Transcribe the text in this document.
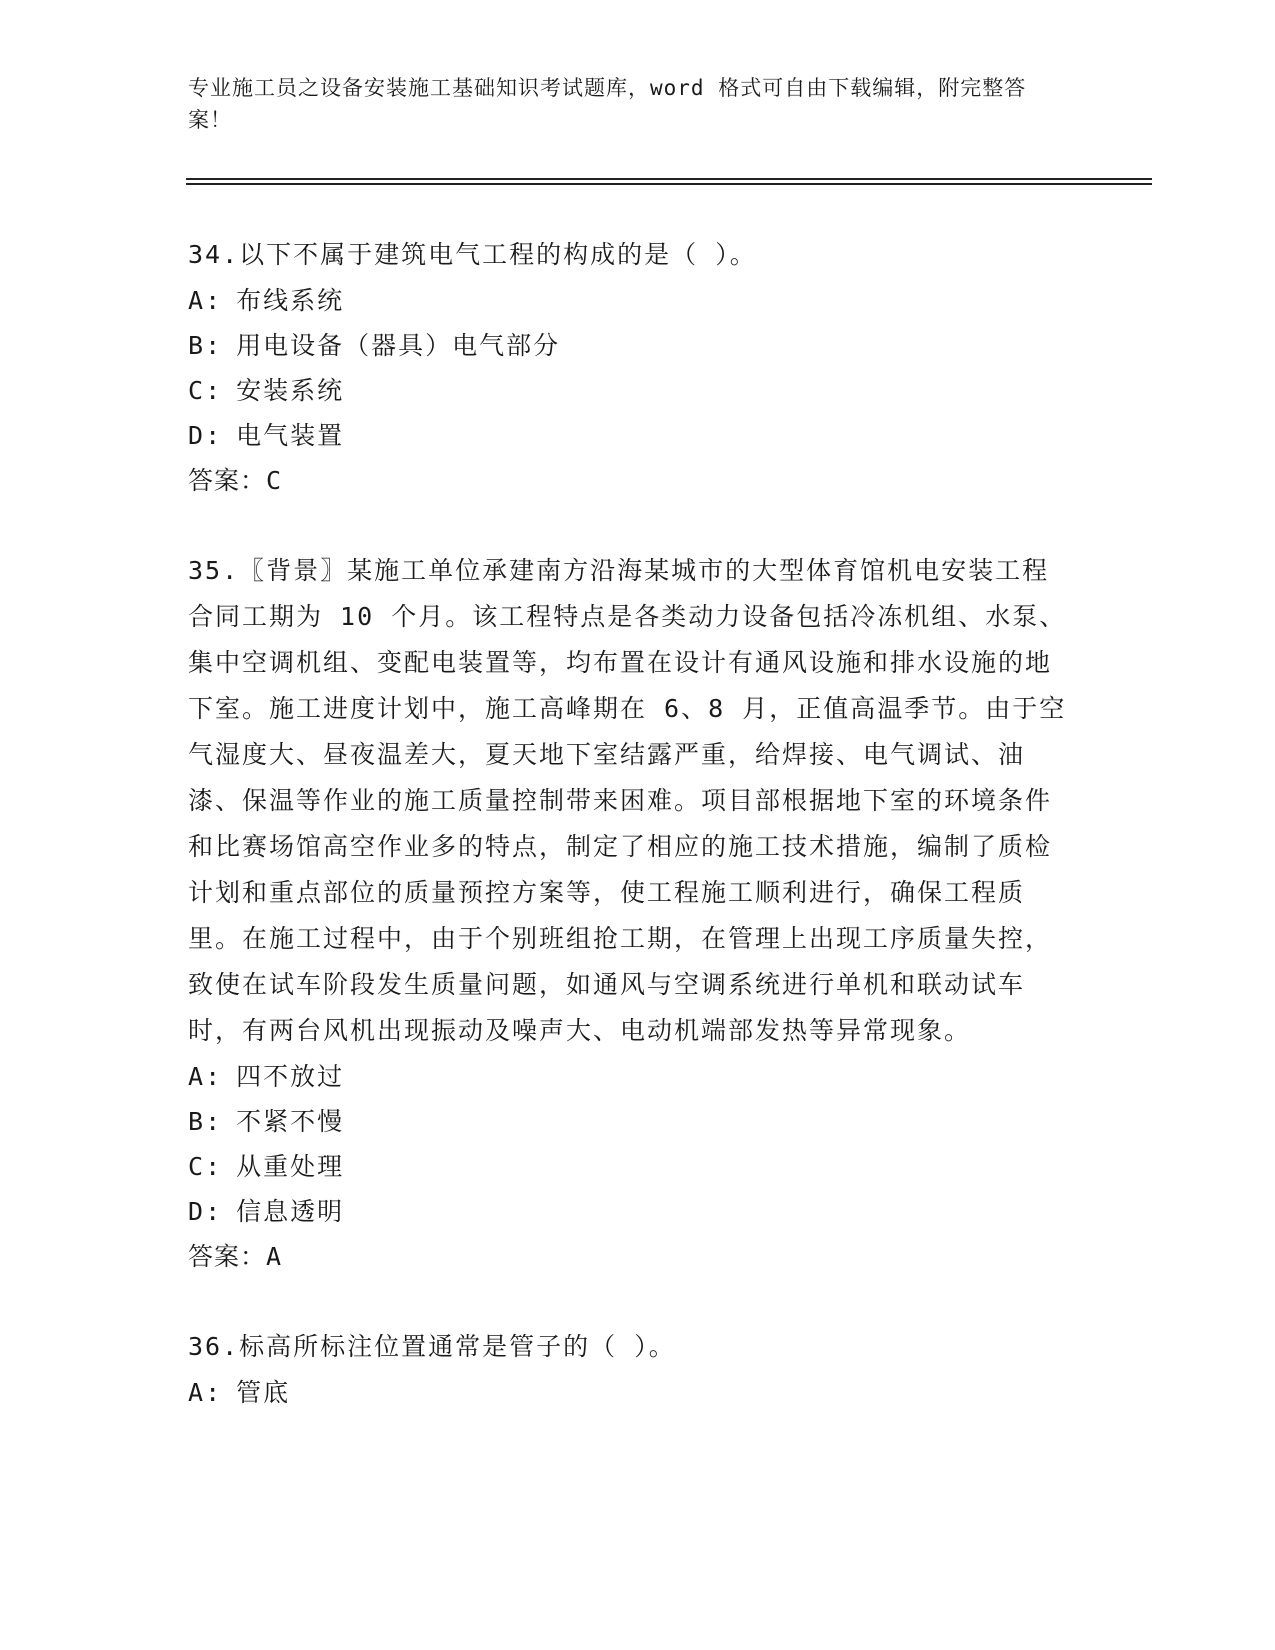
专业施工员之设备安装施工基础知识考试题库，word 格式可自由下载编辑，附完整答案！
34.以下不属于建筑电气工程的构成的是（ ）。
A: 布线系统
B: 用电设备（器具）电气部分
C: 安装系统
D: 电气装置
答案：C
35.〖背景〗某施工单位承建南方沿海某城市的大型体育馆机电安装工程合同工期为 10 个月。该工程特点是各类动力设备包括冷冻机组、水泵、集中空调机组、变配电装置等，均布置在设计有通风设施和排水设施的地下室。施工进度计划中，施工高峰期在 6、8 月，正值高温季节。由于空气湿度大、昼夜温差大，夏天地下室结露严重，给焊接、电气调试、油漆、保温等作业的施工质量控制带来困难。项目部根据地下室的环境条件和比赛场馆高空作业多的特点，制定了相应的施工技术措施，编制了质检计划和重点部位的质量预控方案等，使工程施工顺利进行，确保工程质里。在施工过程中，由于个别班组抢工期，在管理上出现工序质量失控，致使在试车阶段发生质量问题，如通风与空调系统进行单机和联动试车时，有两台风机出现振动及噪声大、电动机端部发热等异常现象。
A: 四不放过
B: 不紧不慢
C: 从重处理
D: 信息透明
答案：A
36.标高所标注位置通常是管子的（ ）。
A: 管底
